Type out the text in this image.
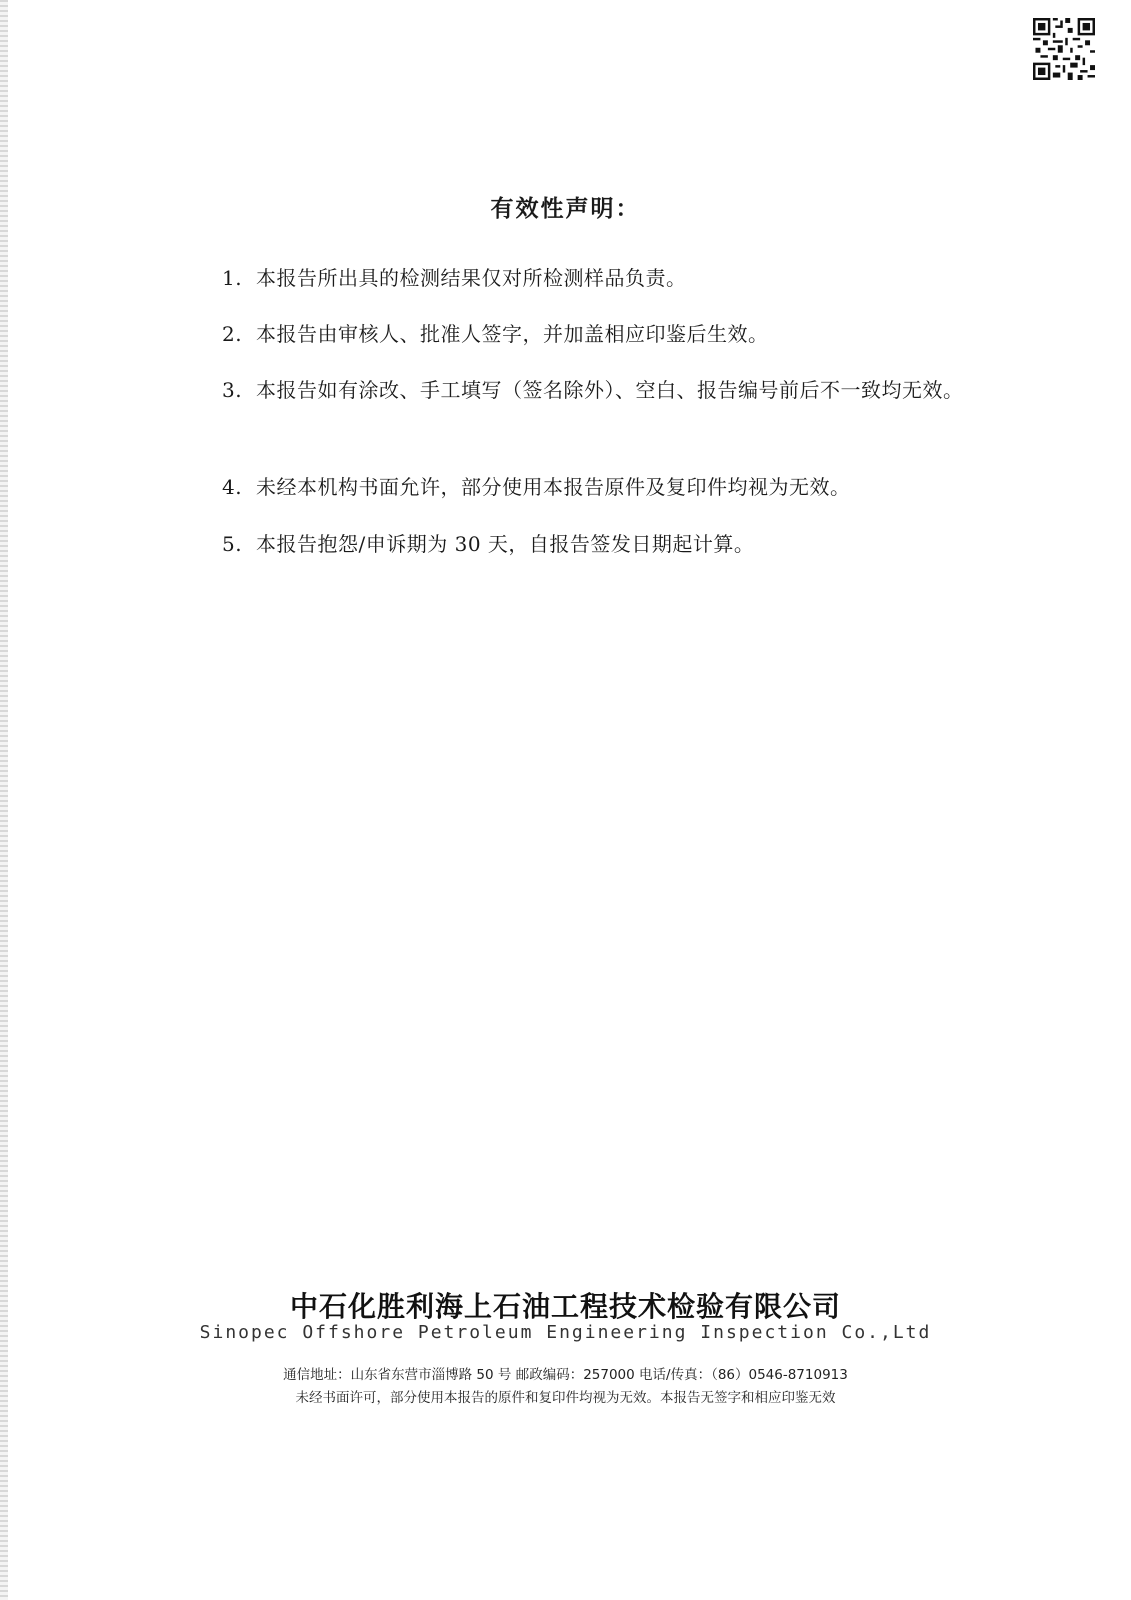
有效性声明：
1. 本报告所出具的检测结果仅对所检测样品负责。
2. 本报告由审核人、批准人签字，并加盖相应印鉴后生效。
3. 本报告如有涂改、手工填写（签名除外）、空白、报告编号前后不一致均无效。
4. 未经本机构书面允许，部分使用本报告原件及复印件均视为无效。
5. 本报告抱怨/申诉期为 30 天，自报告签发日期起计算。
中石化胜利海上石油工程技术检验有限公司
Sinopec Offshore Petroleum Engineering Inspection Co.,Ltd
通信地址：山东省东营市淄博路 50 号 邮政编码：257000 电话/传真：（86）0546-8710913
未经书面许可，部分使用本报告的原件和复印件均视为无效。本报告无签字和相应印鉴无效
